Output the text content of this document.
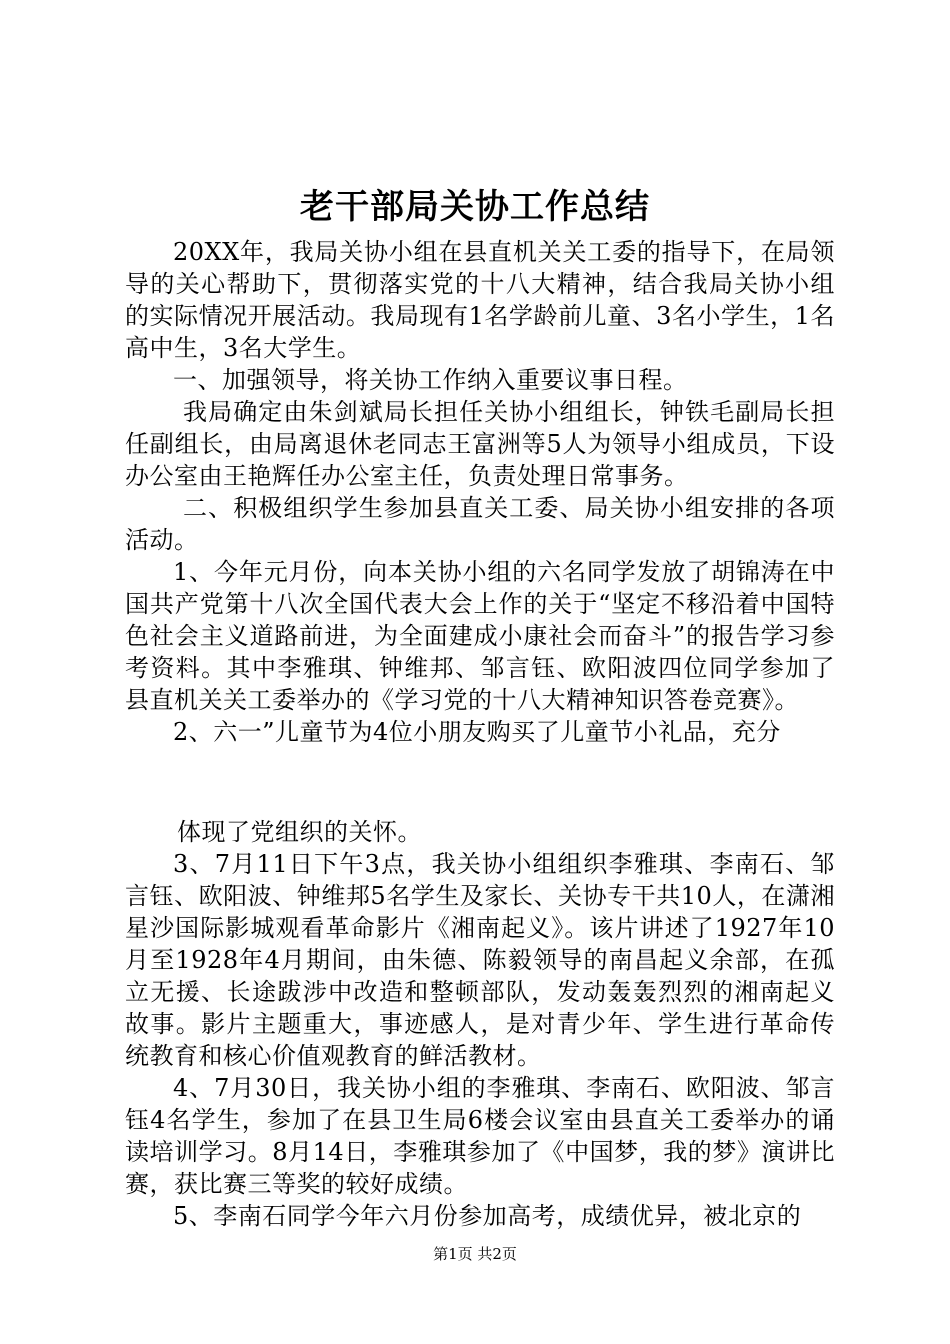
老干部局关协工作总结

20XX年，我局关协小组在县直机关关工委的指导下，在局领导的关心帮助下，贯彻落实党的十八大精神，结合我局关协小组的实际情况开展活动。我局现有1名学龄前儿童、3名小学生，1名高中生，3名大学生。

一、加强领导，将关协工作纳入重要议事日程。

我局确定由朱剑斌局长担任关协小组组长，钟铁毛副局长担任副组长，由局离退休老同志王富洲等5人为领导小组成员，下设办公室由王艳辉任办公室主任，负责处理日常事务。

二、积极组织学生参加县直关工委、局关协小组安排的各项活动。

1、今年元月份，向本关协小组的六名同学发放了胡锦涛在中国共产党第十八次全国代表大会上作的关于“坚定不移沿着中国特色社会主义道路前进，为全面建成小康社会而奋斗”的报告学习参考资料。其中李雅琪、钟维邦、邹言钰、欧阳波四位同学参加了县直机关关工委举办的《学习党的十八大精神知识答卷竞赛》。

2、六一”儿童节为4位小朋友购买了儿童节小礼品，充分

体现了党组织的关怀。

3、7月11日下午3点，我关协小组组织李雅琪、李南石、邹言钰、欧阳波、钟维邦5名学生及家长、关协专干共10人，在潇湘星沙国际影城观看革命影片《湘南起义》。该片讲述了1927年10月至1928年4月期间，由朱德、陈毅领导的南昌起义余部，在孤立无援、长途跋涉中改造和整顿部队，发动轰轰烈烈的湘南起义故事。影片主题重大，事迹感人，是对青少年、学生进行革命传统教育和核心价值观教育的鲜活教材。

4、7月30日，我关协小组的李雅琪、李南石、欧阳波、邹言钰4名学生，参加了在县卫生局6楼会议室由县直关工委举办的诵读培训学习。8月14日，李雅琪参加了《中国梦，我的梦》演讲比赛，获比赛三等奖的较好成绩。

5、李南石同学今年六月份参加高考，成绩优异，被北京的

第1页 共2页
